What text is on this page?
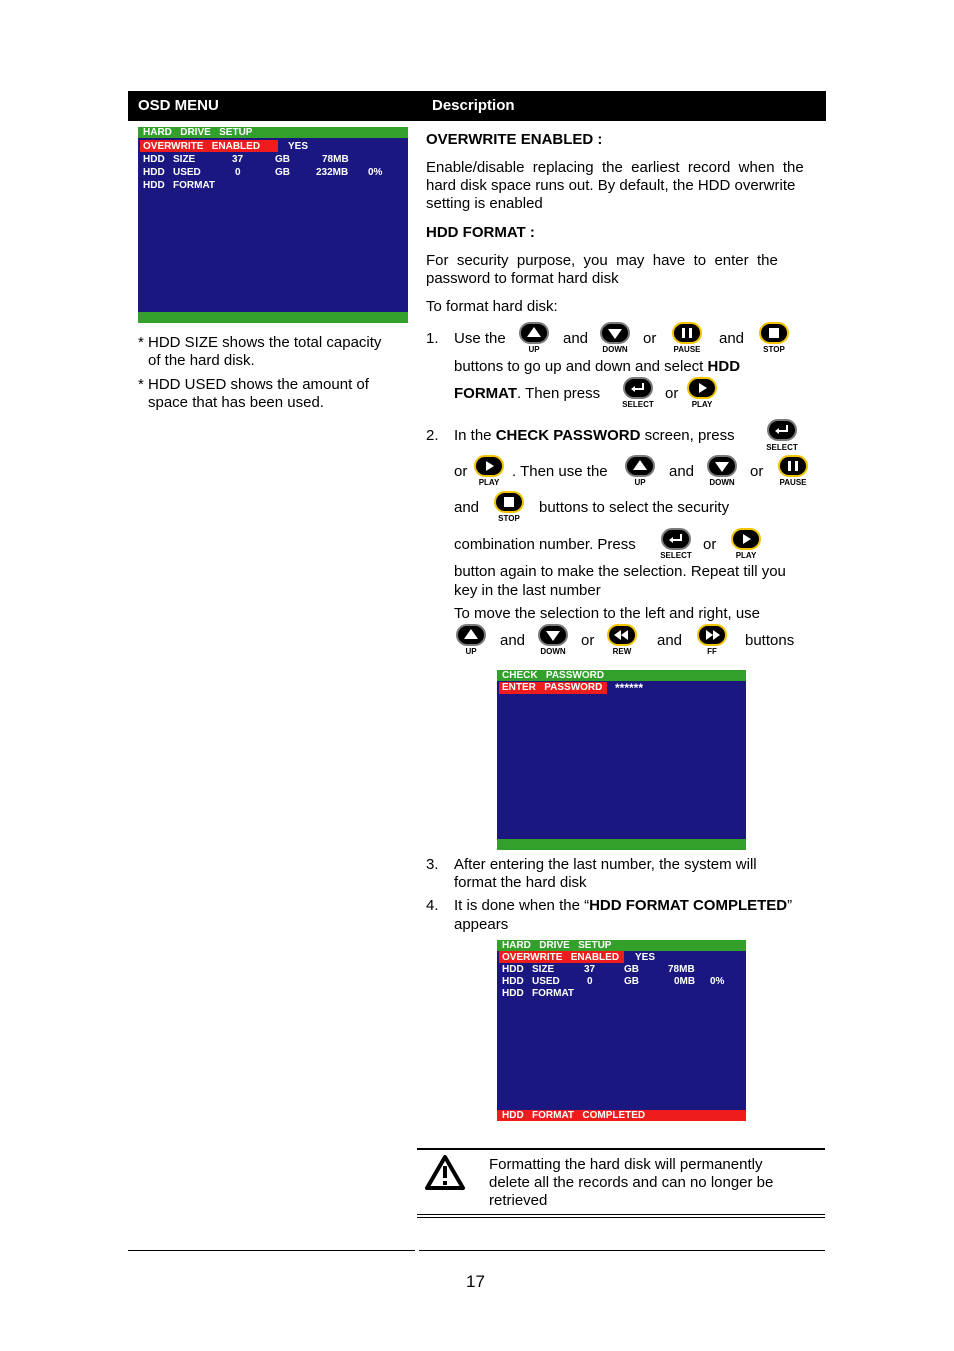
OSD MENU	Description
HARD   DRIVE   SETUP
OVERWRITE   ENABLED	YES
HDD   SIZE	37	GB	78MB
HDD   USED	0	GB	232MB 0%
HDD   FORMAT
* HDD SIZE shows the total capacity
of the hard disk.
* HDD USED shows the amount of
space that has been used.
OVERWRITE ENABLED :
Enable/disable  replacing  the  earliest  record  when  the
hard disk space runs out. By default, the HDD overwrite
setting is enabled
HDD FORMAT :
For  security  purpose,  you  may  have  to  enter  the
password to format hard disk
To format hard disk:
1. Use the
UP
and
DOWN
or
PAUSE
and
STOP
buttons to go up and down and select HDD
FORMAT. Then press
SELECT
or
PLAY
2. In the CHECK PASSWORD screen, press
SELECT
or
PLAY
. Then use the
UP
and
DOWN
or
PAUSE
and
STOP
buttons to select the security
combination number. Press
SELECT
or
PLAY
button again to make the selection. Repeat till you
key in the last number
To move the selection to the left and right, use
UP
and
DOWN
or
REW
and
FF
buttons
CHECK   PASSWORD
ENTER   PASSWORD ******
3. After entering the last number, the system will
format the hard disk
4. It is done when the “HDD FORMAT COMPLETED”
appears
HARD   DRIVE   SETUP
OVERWRITE   ENABLED YES
HDD   SIZE	37	GB	78MB
HDD   USED	0	GB	0MB 0%
HDD   FORMAT
HDD   FORMAT   COMPLETED
Formatting the hard disk will permanently
delete all the records and can no longer be
retrieved
17
